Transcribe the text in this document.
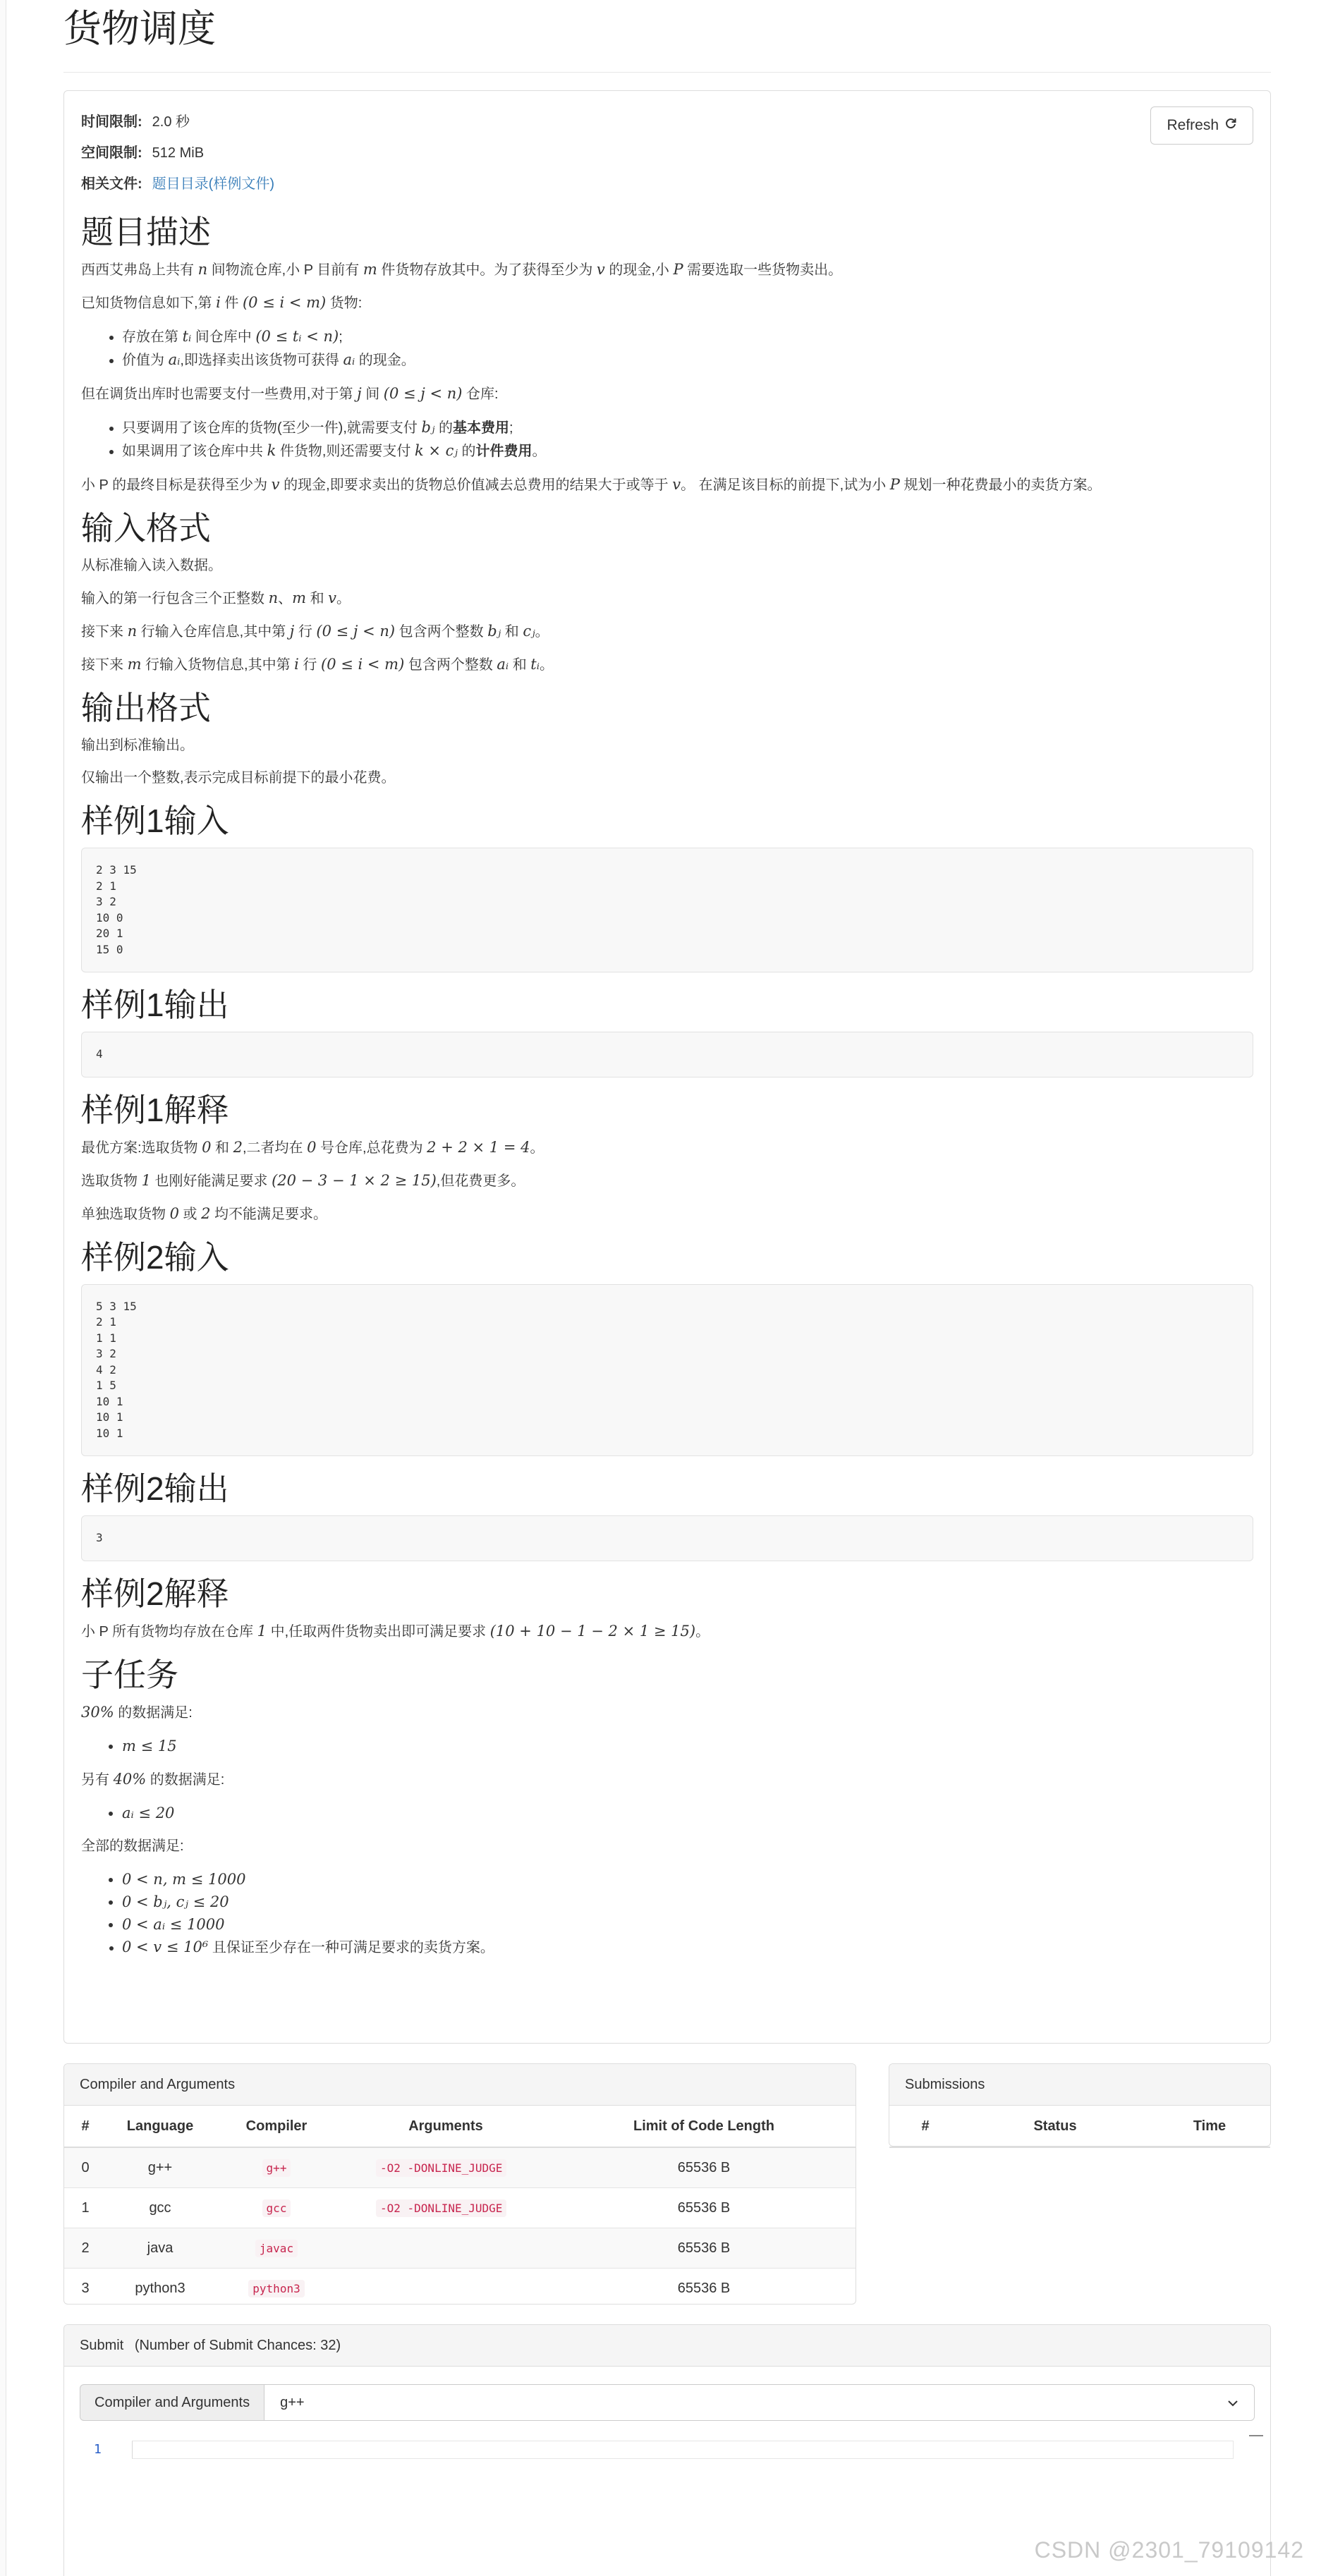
货物调度
Refresh
时间限制: 2.0 秒
空间限制: 512 MiB
相关文件: 题目目录(样例文件)
题目描述

西西艾弗岛上共有 n 间物流仓库,小 P 目前有 m 件货物存放其中。为了获得至少为 v 的现金,小 P 需要选取一些货物卖出。

已知货物信息如下,第 i 件 (0 ≤ i < m) 货物:

• 存放在第 tᵢ 间仓库中 (0 ≤ tᵢ < n);
• 价值为 aᵢ,即选择卖出该货物可获得 aᵢ 的现金。

但在调货出库时也需要支付一些费用,对于第 j 间 (0 ≤ j < n) 仓库:

• 只要调用了该仓库的货物(至少一件),就需要支付 bⱼ 的基本费用;
• 如果调用了该仓库中共 k 件货物,则还需要支付 k × cⱼ 的计件费用。

小 P 的最终目标是获得至少为 v 的现金,即要求卖出的货物总价值减去总费用的结果大于或等于 v。 在满足该目标的前提下,试为小 P 规划一种花费最小的卖货方案。

输入格式

从标准输入读入数据。

输入的第一行包含三个正整数 n、m 和 v。

接下来 n 行输入仓库信息,其中第 j 行 (0 ≤ j < n) 包含两个整数 bⱼ 和 cⱼ。

接下来 m 行输入货物信息,其中第 i 行 (0 ≤ i < m) 包含两个整数 aᵢ 和 tᵢ。

输出格式

输出到标准输出。

仅输出一个整数,表示完成目标前提下的最小花费。

样例1输入
2 3 15
2 1
3 2
10 0
20 1
15 0
样例1输出
4
样例1解释

最优方案:选取货物 0 和 2,二者均在 0 号仓库,总花费为 2 + 2 × 1 = 4。

选取货物 1 也刚好能满足要求 (20 − 3 − 1 × 2 ≥ 15),但花费更多。

单独选取货物 0 或 2 均不能满足要求。

样例2输入
5 3 15
2 1
1 1
3 2
4 2
1 5
10 1
10 1
10 1
样例2输出
3
样例2解释

小 P 所有货物均存放在仓库 1 中,任取两件货物卖出即可满足要求 (10 + 10 − 1 − 2 × 1 ≥ 15)。

子任务

30% 的数据满足:

• m ≤ 15

另有 40% 的数据满足:

• aᵢ ≤ 20

全部的数据满足:

• 0 < n, m ≤ 1000
• 0 < bⱼ, cⱼ ≤ 20
• 0 < aᵢ ≤ 1000
• 0 < v ≤ 10⁶ 且保证至少存在一种可满足要求的卖货方案。
Compiler and Arguments
#	Language	Compiler	Arguments	Limit of Code Length
0	g++	g++	-O2 -DONLINE_JUDGE	65536 B
1	gcc	gcc	-O2 -DONLINE_JUDGE	65536 B
2	java	javac		65536 B
3	python3	python3		65536 B
Submissions
#	Status	Time
Submit (Number of Submit Chances: 32)
Compiler and Arguments	g++
1
CSDN @2301_79109142
